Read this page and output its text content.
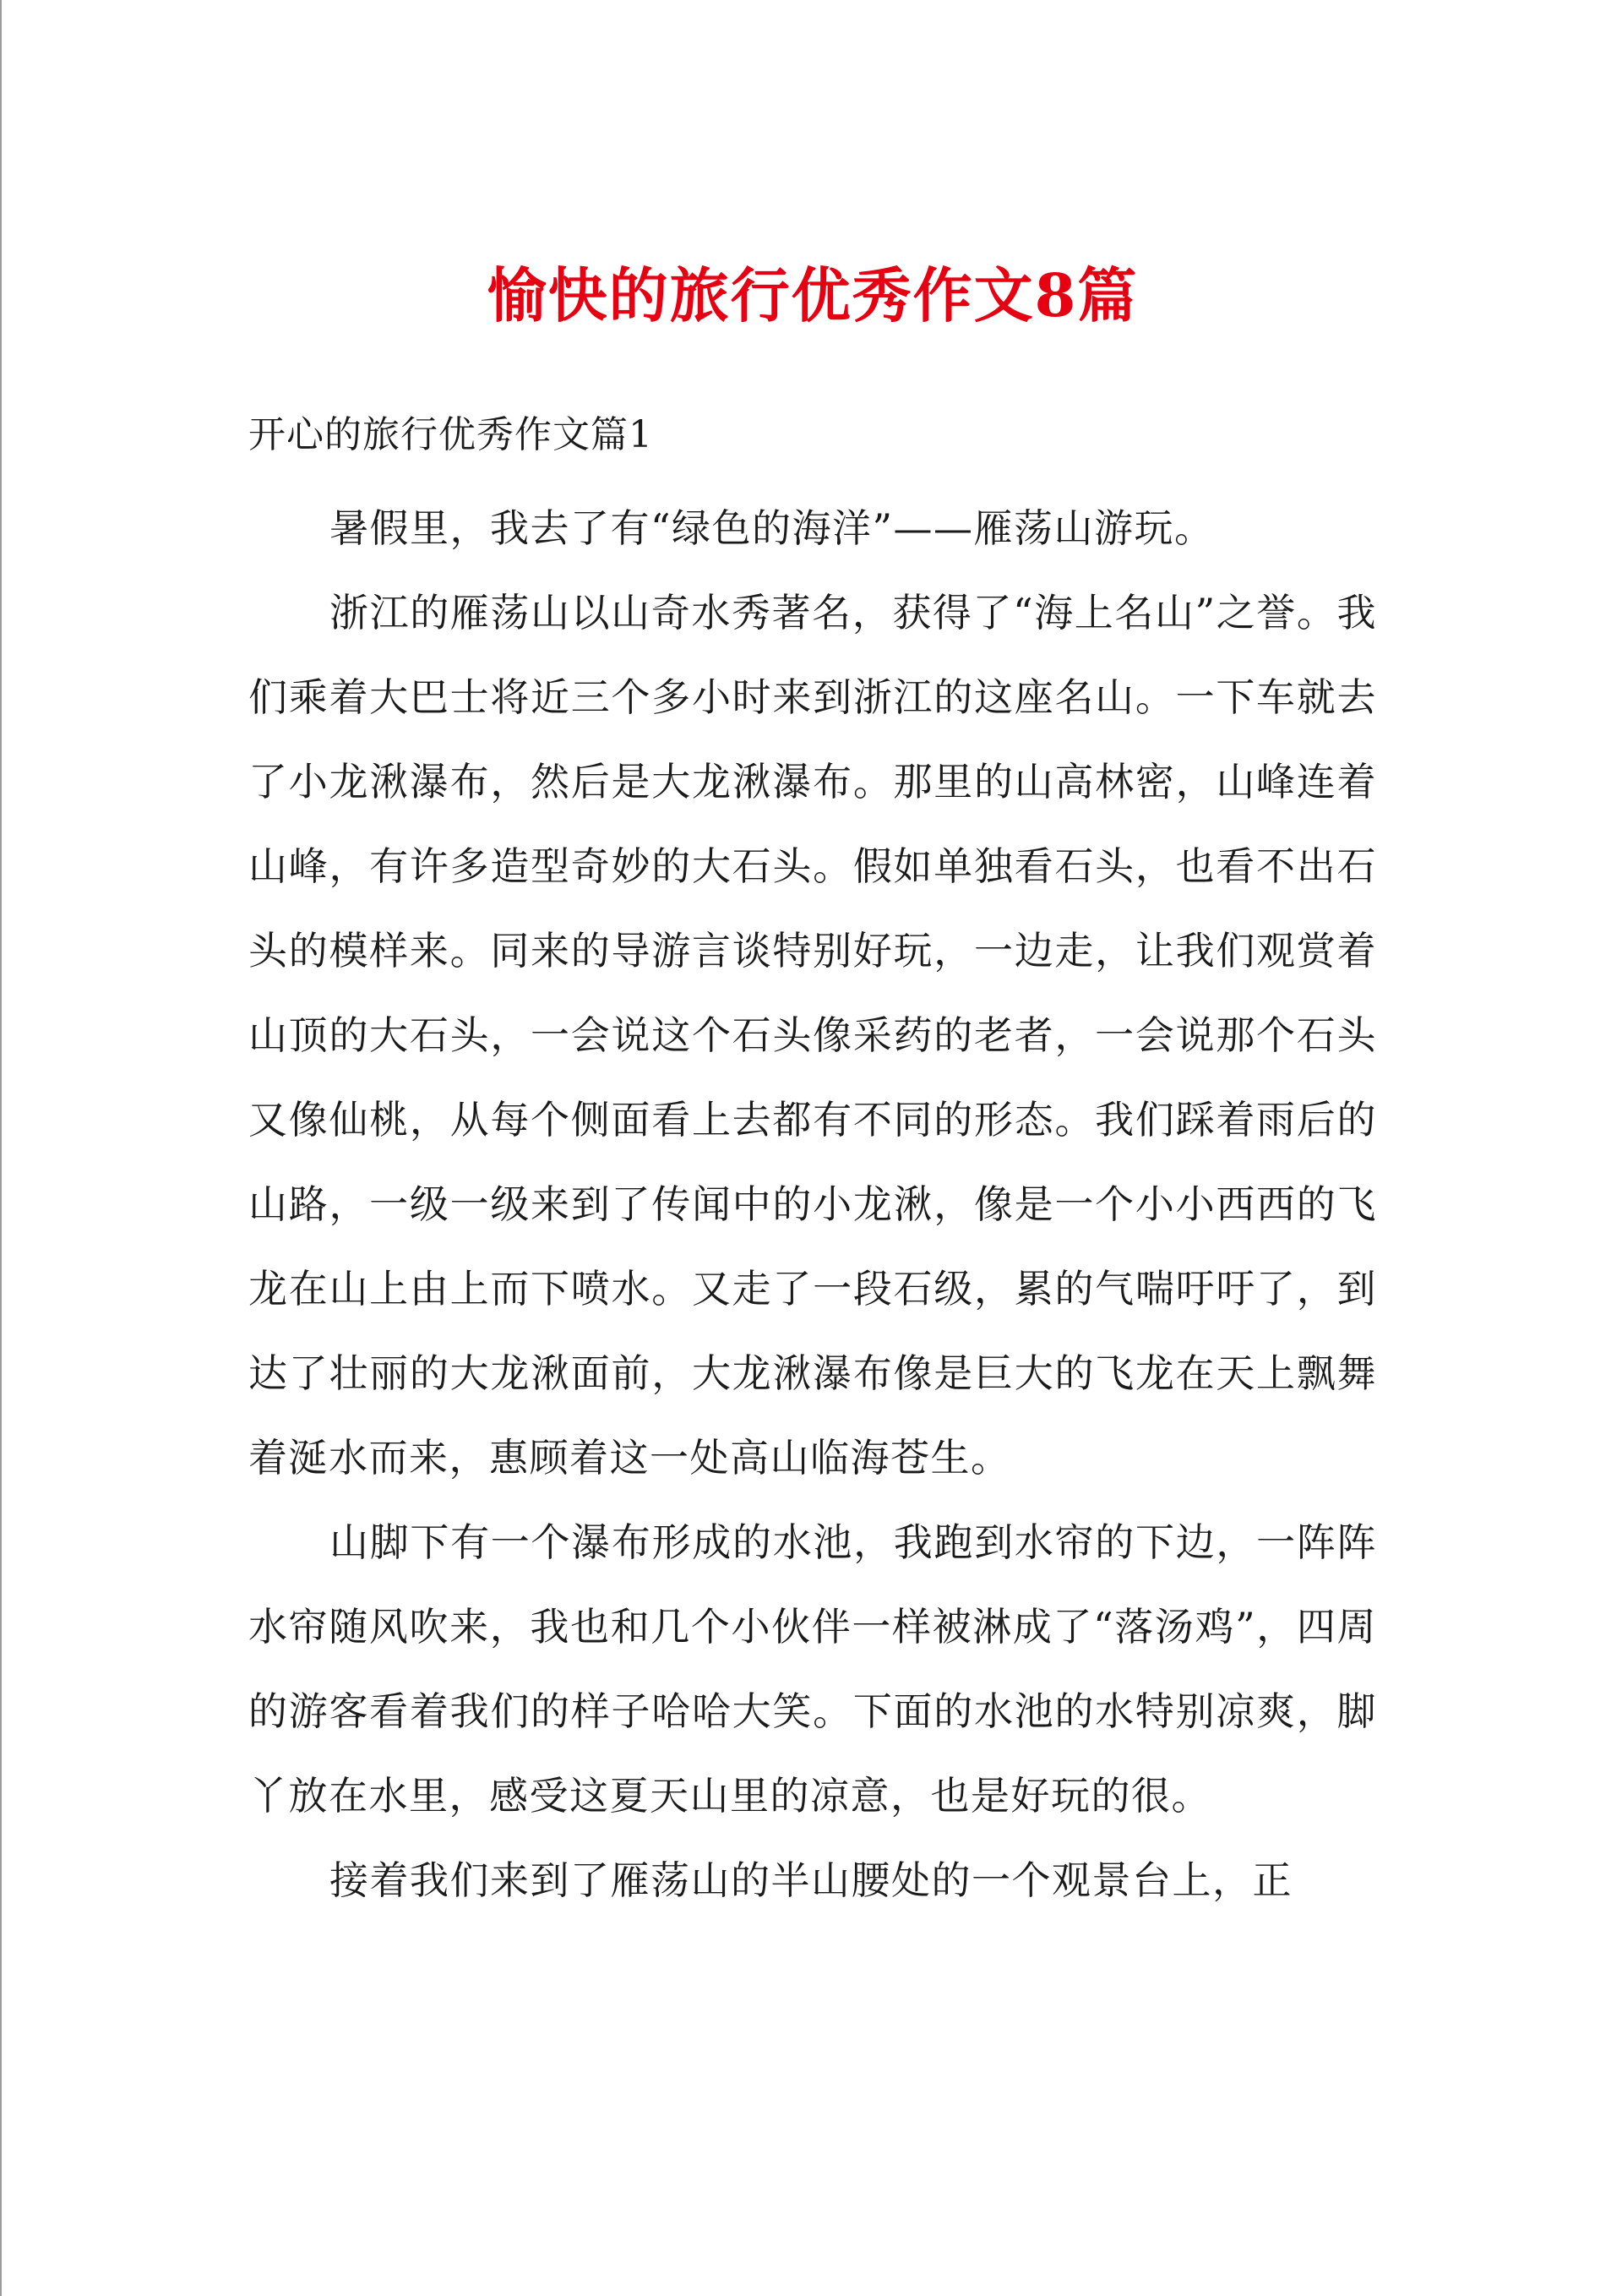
愉快的旅行优秀作文8篇

开心的旅行优秀作文篇1

暑假里，我去了有“绿色的海洋”——雁荡山游玩。

浙江的雁荡山以山奇水秀著名，获得了“海上名山”之誉。我们乘着大巴士将近三个多小时来到浙江的这座名山。一下车就去了小龙湫瀑布，然后是大龙湫瀑布。那里的山高林密，山峰连着山峰，有许多造型奇妙的大石头。假如单独看石头，也看不出石头的模样来。同来的导游言谈特别好玩，一边走，让我们观赏着山顶的大石头，一会说这个石头像采药的老者，一会说那个石头又像仙桃，从每个侧面看上去都有不同的形态。我们踩着雨后的山路，一级一级来到了传闻中的小龙湫，像是一个小小西西的飞龙在山上由上而下喷水。又走了一段石级，累的气喘吁吁了，到达了壮丽的大龙湫面前，大龙湫瀑布像是巨大的飞龙在天上飘舞着涎水而来，惠顾着这一处高山临海苍生。

山脚下有一个瀑布形成的水池，我跑到水帘的下边，一阵阵水帘随风吹来，我也和几个小伙伴一样被淋成了“落汤鸡”，四周的游客看着我们的样子哈哈大笑。下面的水池的水特别凉爽，脚丫放在水里，感受这夏天山里的凉意，也是好玩的很。

接着我们来到了雁荡山的半山腰处的一个观景台上，正
